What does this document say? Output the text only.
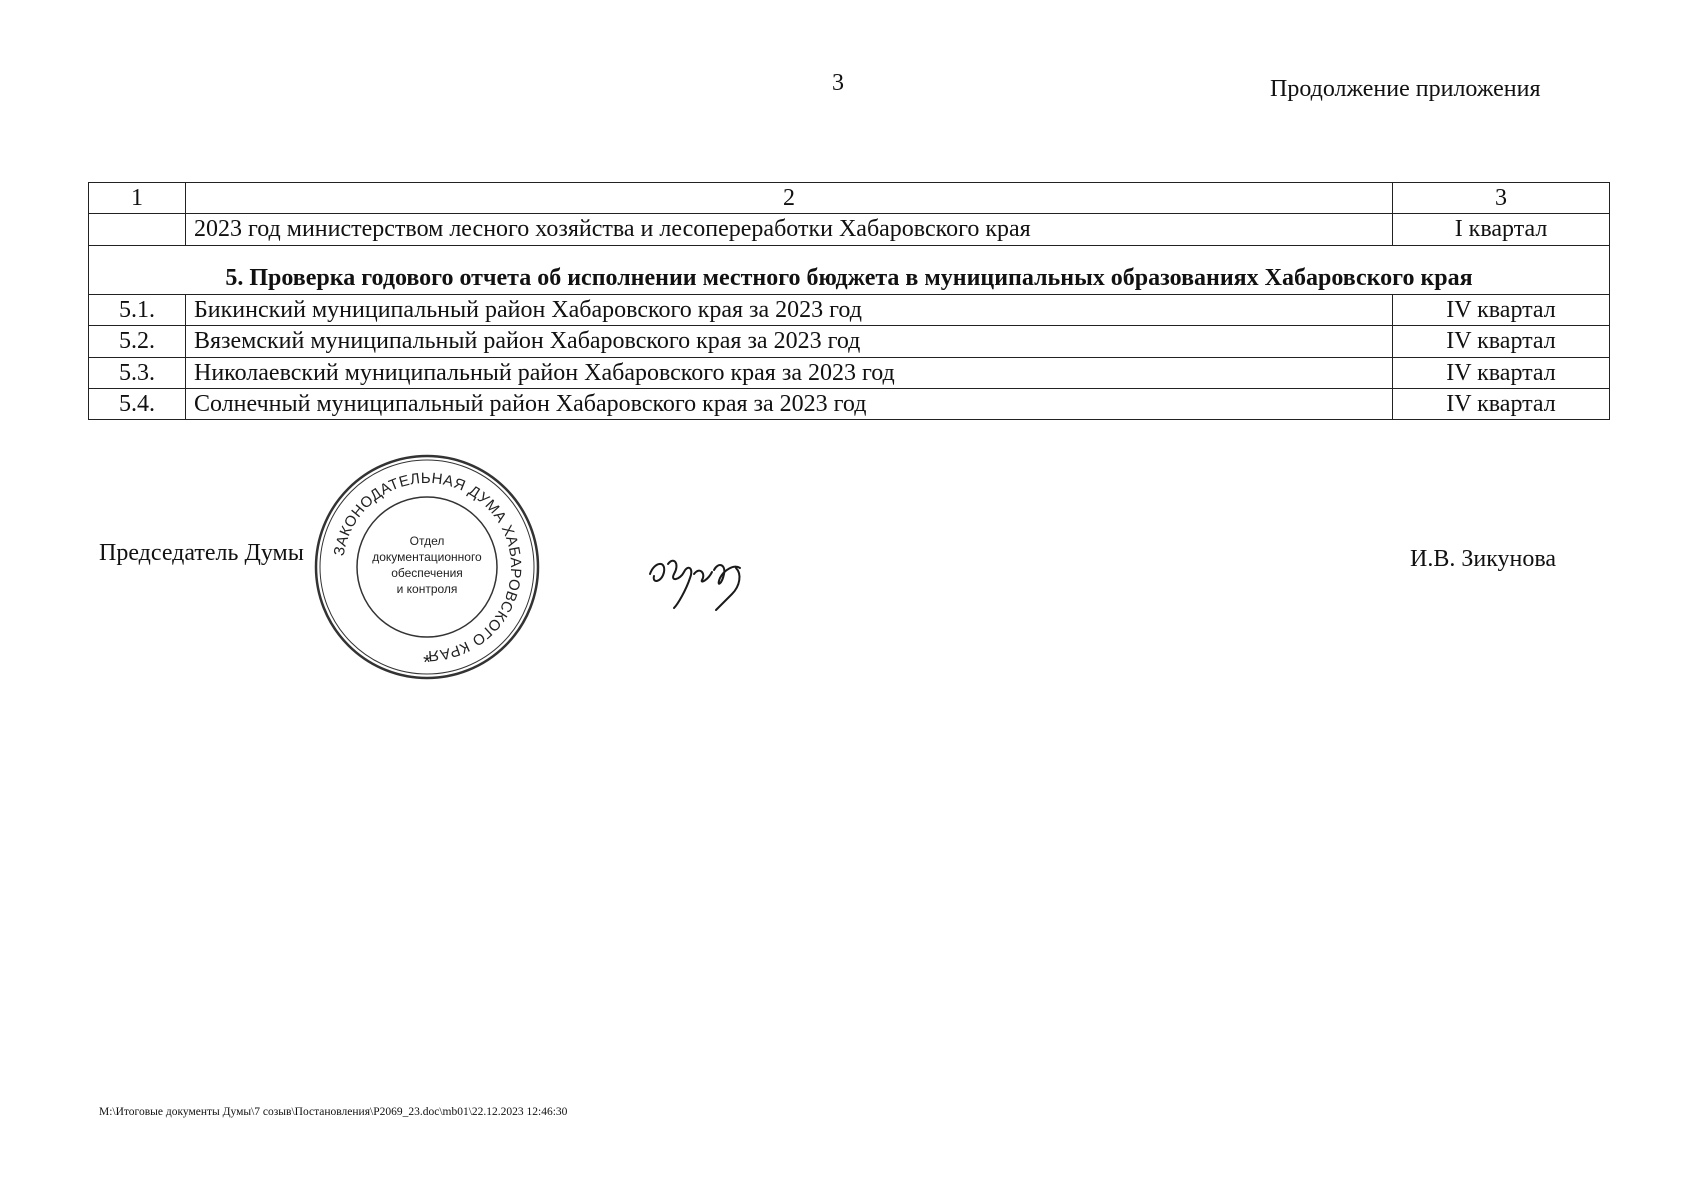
3	Продолжение приложения
1	2	3
	2023 год министерством лесного хозяйства и лесопереработки Хабаровского края	I квартал
5. Проверка годового отчета об исполнении местного бюджета в муниципальных образованиях Хабаровского края		
5.1.	Бикинский муниципальный район Хабаровского края за 2023 год	IV квартал
5.2.	Вяземский муниципальный район Хабаровского края за 2023 год	IV квартал
5.3.	Николаевский муниципальный район Хабаровского края за 2023 год	IV квартал
5.4.	Солнечный муниципальный район Хабаровского края за 2023 год	IV квартал
Председатель Думы ЗАКОНОДАТЕЛЬНАЯ ДУМА ХАБАРОВСКОГО КРАЯ
Отдел
документационного
обеспечения
и контроля
*
И.В. Зикунова
M:\Итоговые документы Думы\7 созыв\Постановления\P2069_23.doc\mb01\22.12.2023 12:46:30
